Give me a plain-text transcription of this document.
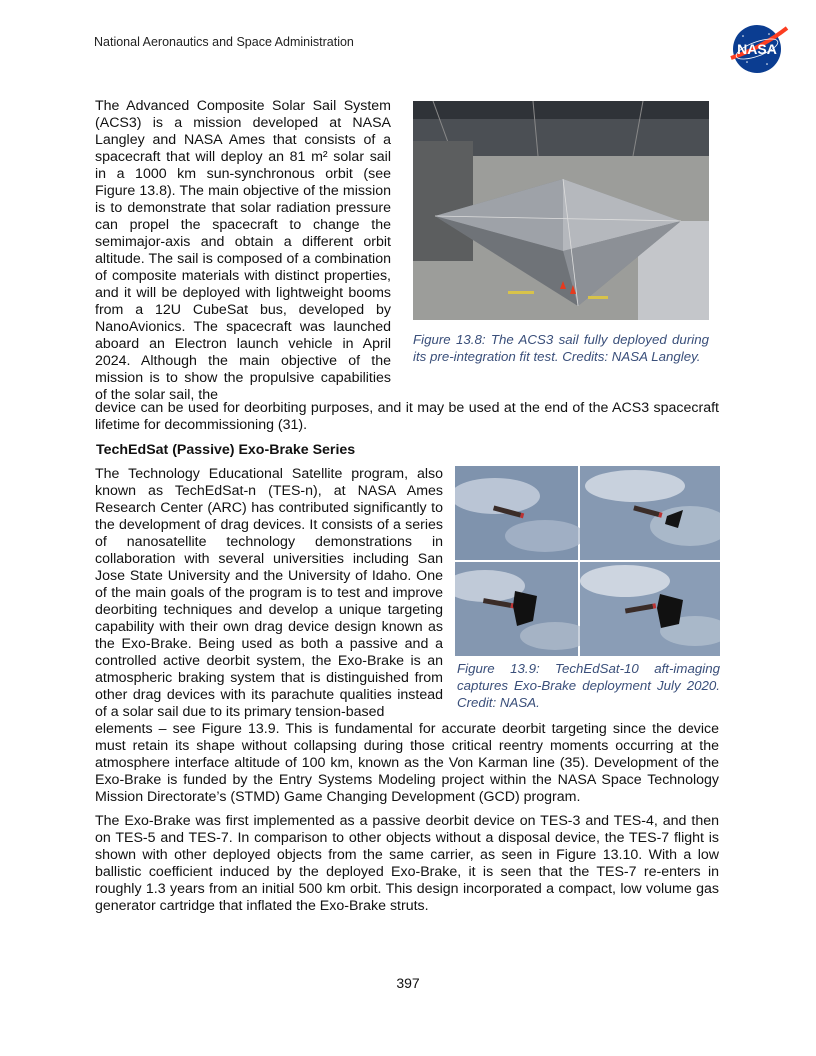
National Aeronautics and Space Administration	NASA

The Advanced Composite Solar Sail System (ACS3) is a mission developed at NASA Langley and NASA Ames that consists of a spacecraft that will deploy an 81 m² solar sail in a 1000 km sun-synchronous orbit (see Figure 13.8). The main objective of the mission is to demonstrate that solar radiation pressure can propel the spacecraft to change the semimajor-axis and obtain a different orbit altitude. The sail is composed of a combination of composite materials with distinct properties, and it will be deployed with lightweight booms from a 12U CubeSat bus, developed by NanoAvionics. The spacecraft was launched aboard an Electron launch vehicle in April 2024. Although the main objective of the mission is to show the propulsive capabilities of the solar sail, the

Figure 13.8: The ACS3 sail fully deployed during its pre-integration fit test. Credits: NASA Langley.

device can be used for deorbiting purposes, and it may be used at the end of the ACS3 spacecraft lifetime for decommissioning (31).

TechEdSat (Passive) Exo-Brake Series

The Technology Educational Satellite program, also known as TechEdSat-n (TES-n), at NASA Ames Research Center (ARC) has contributed significantly to the development of drag devices. It consists of a series of nanosatellite technology demonstrations in collaboration with several universities including San Jose State University and the University of Idaho. One of the main goals of the program is to test and improve deorbiting techniques and develop a unique targeting capability with their own drag device design known as the Exo-Brake. Being used as both a passive and a controlled active deorbit system, the Exo-Brake is an atmospheric braking system that is distinguished from other drag devices with its parachute qualities instead of a solar sail due to its primary tension-based

Figure 13.9: TechEdSat-10 aft-imaging captures Exo-Brake deployment July 2020. Credit: NASA.

elements – see Figure 13.9. This is fundamental for accurate deorbit targeting since the device must retain its shape without collapsing during those critical reentry moments occurring at the atmosphere interface altitude of 100 km, known as the Von Karman line (35). Development of the Exo-Brake is funded by the Entry Systems Modeling project within the NASA Space Technology Mission Directorate’s (STMD) Game Changing Development (GCD) program.

The Exo-Brake was first implemented as a passive deorbit device on TES-3 and TES-4, and then on TES-5 and TES-7. In comparison to other objects without a disposal device, the TES-7 flight is shown with other deployed objects from the same carrier, as seen in Figure 13.10. With a low ballistic coefficient induced by the deployed Exo-Brake, it is seen that the TES-7 re-enters in roughly 1.3 years from an initial 500 km orbit. This design incorporated a compact, low volume gas generator cartridge that inflated the Exo-Brake struts.

397
